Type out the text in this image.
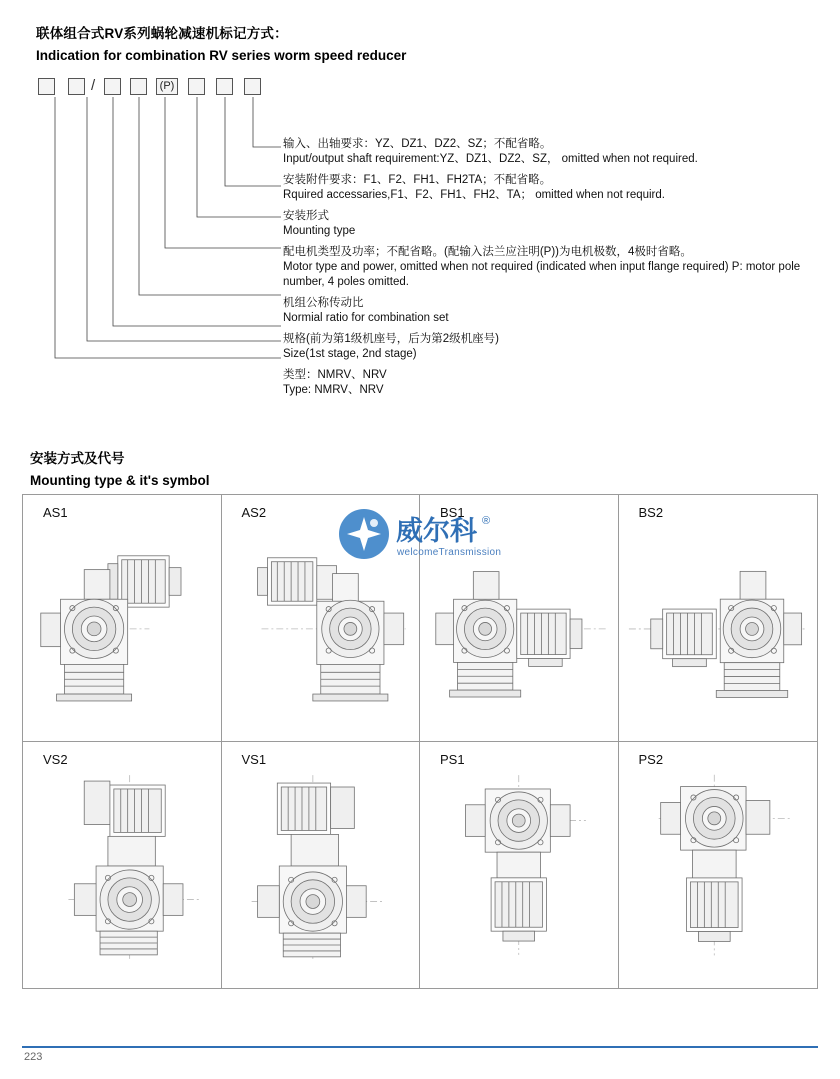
联体组合式RV系列蜗轮减速机标记方式：

Indication for combination RV series worm speed reducer

/	(P)
输入、出轴要求：YZ、DZ1、DZ2、SZ；不配省略。
Input/output shaft requirement:YZ、DZ1、DZ2、SZ， omitted when not required.
安装附件要求：F1、F2、FH1、FH2TA；不配省略。
Rquired accessaries,F1、F2、FH1、FH2、TA； omitted when not requird.
安装形式
Mounting type
配电机类型及功率；不配省略。(配输入法兰应注明(P))为电机极数，4极时省略。
Motor type and power, omitted when not required (indicated when input flange required) P: motor pole number, 4 poles omitted.
机组公称传动比
Normial ratio for combination set
规格(前为第1级机座号，后为第2级机座号)
Size(1st stage, 2nd stage)
类型：NMRV、NRV
Type: NMRV、NRV

安装方式及代号

Mounting type & it's symbol

AS1	AS2	BS1	BS2
VS2	VS1	PS1	PS2
威尔科
welcomeTransmission
®
223
